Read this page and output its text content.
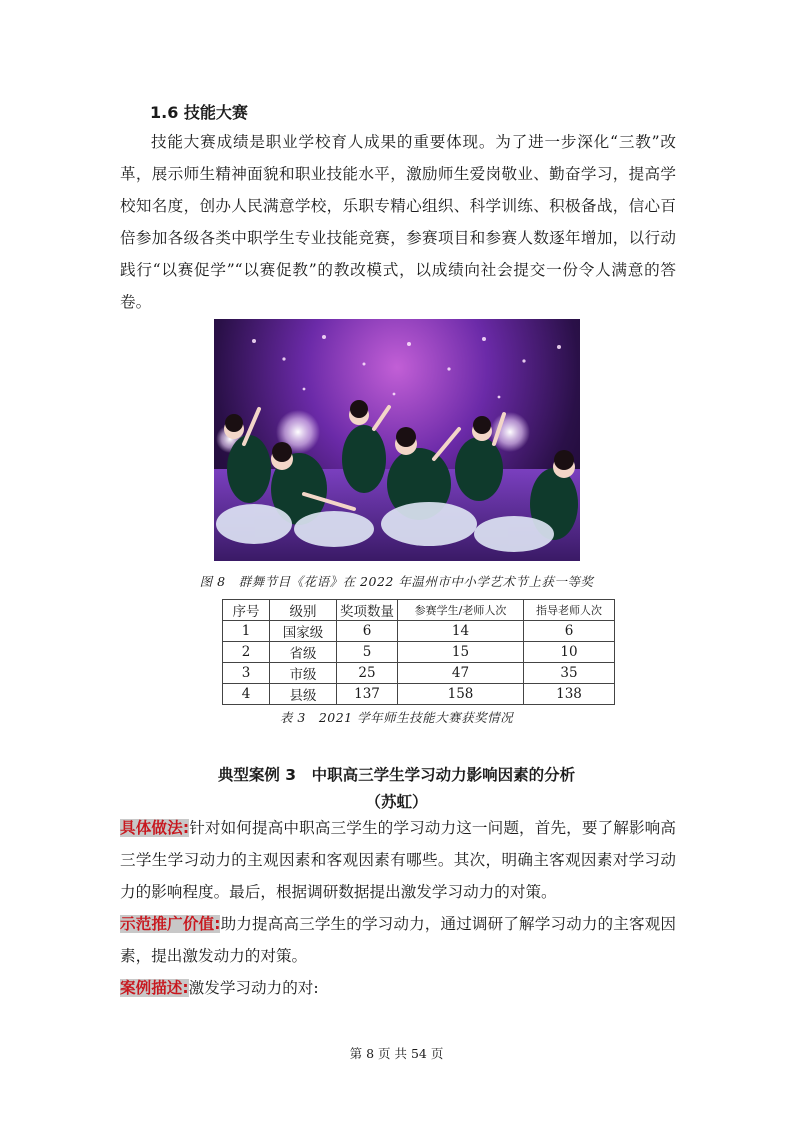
1.6 技能大赛

技能大赛成绩是职业学校育人成果的重要体现。为了进一步深化“三教”改革，展示师生精神面貌和职业技能水平，激励师生爱岗敬业、勤奋学习，提高学校知名度，创办人民满意学校，乐职专精心组织、科学训练、积极备战，信心百倍参加各级各类中职学生专业技能竞赛，参赛项目和参赛人数逐年增加，以行动践行“以赛促学”“以赛促教”的教改模式，以成绩向社会提交一份令人满意的答卷。

图 8　群舞节目《花语》在 2022 年温州市中小学艺术节上获一等奖
序号	级别	奖项数量	参赛学生/老师人次	指导老师人次
1	国家级	6	14	6
2	省级	5	15	10
3	市级	25	47	35
4	县级	137	158	138
表 3　2021 学年师生技能大赛获奖情况
典型案例 3　中职高三学生学习动力影响因素的分析
（苏虹）

具体做法:针对如何提高中职高三学生的学习动力这一问题，首先，要了解影响高三学生学习动力的主观因素和客观因素有哪些。其次，明确主客观因素对学习动力的影响程度。最后，根据调研数据提出激发学习动力的对策。

示范推广价值:助力提高高三学生的学习动力，通过调研了解学习动力的主客观因素，提出激发动力的对策。

案例描述:激发学习动力的对:

第 8 页 共 54 页
